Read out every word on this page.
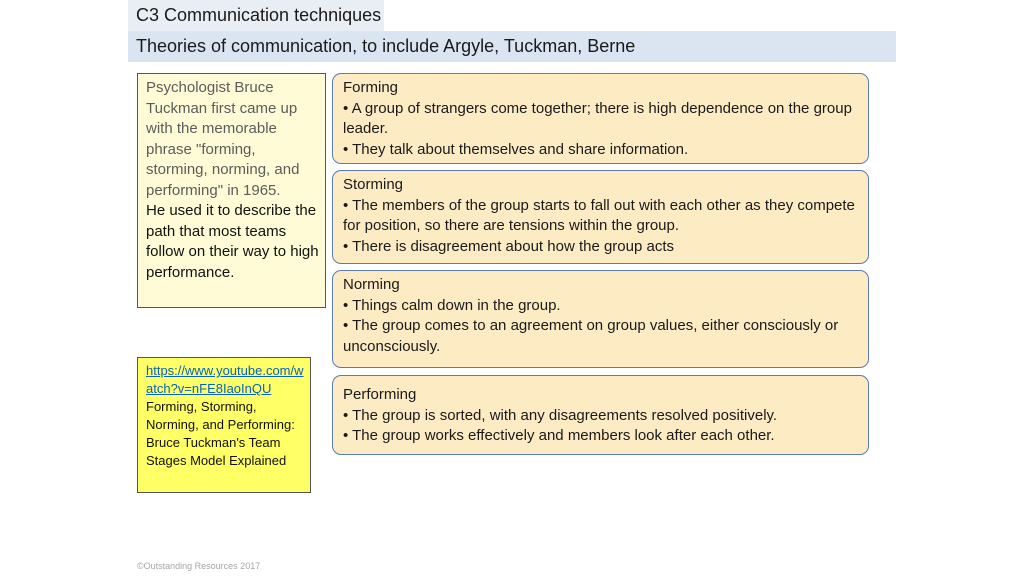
C3 Communication techniques
Theories of communication, to include Argyle, Tuckman, Berne
Psychologist Bruce Tuckman first came up with the memorable phrase "forming, storming, norming, and performing" in 1965.
He used it to describe the path that most teams follow on their way to high performance.
https://www.youtube.com/watch?v=nFE8IaoInQU
Forming, Storming, Norming, and Performing: Bruce Tuckman's Team Stages Model Explained
Forming
• A group of strangers come together; there is high dependence on the group leader.
• They talk about themselves and share information.
Storming
• The members of the group starts to fall out with each other as they compete for position, so there are tensions within the group.
• There is disagreement about how the group acts
Norming
• Things calm down in the group.
• The group comes to an agreement on group values, either consciously or unconsciously.
Performing
• The group is sorted, with any disagreements resolved positively.
• The group works effectively and members look after each other.
©Outstanding Resources 2017
